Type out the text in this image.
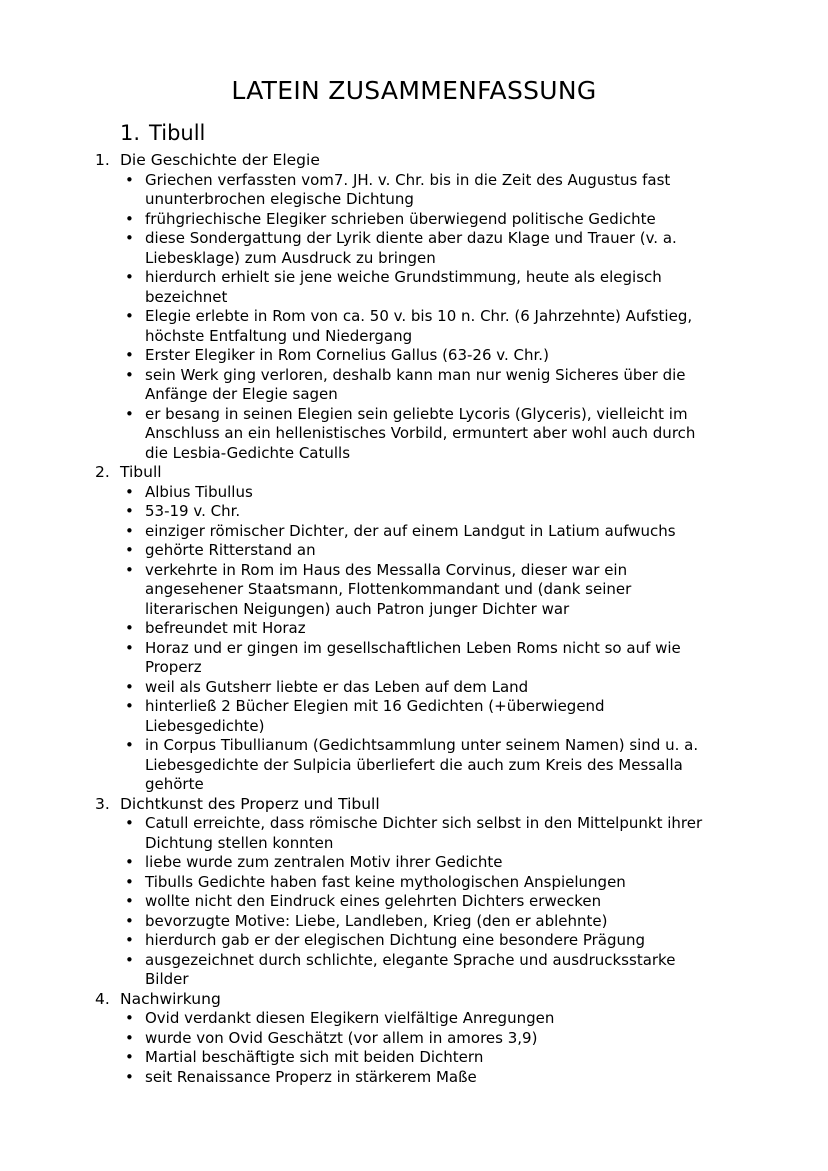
LATEIN ZUSAMMENFASSUNG
1. Tibull
1. Die Geschichte der Elegie
• Griechen verfassten vom7. JH. v. Chr. bis in die Zeit des Augustus fast ununterbrochen elegische Dichtung
• frühgriechische Elegiker schrieben überwiegend politische Gedichte
• diese Sondergattung der Lyrik diente aber dazu Klage und Trauer (v. a. Liebesklage) zum Ausdruck zu bringen
• hierdurch erhielt sie jene weiche Grundstimmung, heute als elegisch bezeichnet
• Elegie erlebte in Rom von ca. 50 v. bis 10 n. Chr. (6 Jahrzehnte) Aufstieg, höchste Entfaltung und Niedergang
• Erster Elegiker in Rom Cornelius Gallus (63-26 v. Chr.)
• sein Werk ging verloren, deshalb kann man nur wenig Sicheres über die Anfänge der Elegie sagen
• er besang in seinen Elegien sein geliebte Lycoris (Glyceris), vielleicht im Anschluss an ein hellenistisches Vorbild, ermuntert aber wohl auch durch die Lesbia-Gedichte Catulls
2. Tibull
• Albius Tibullus
• 53-19 v. Chr.
• einziger römischer Dichter, der auf einem Landgut in Latium aufwuchs
• gehörte Ritterstand an
• verkehrte in Rom im Haus des Messalla Corvinus, dieser war ein angesehener Staatsmann, Flottenkommandant und (dank seiner literarischen Neigungen) auch Patron junger Dichter war
• befreundet mit Horaz
• Horaz und er gingen im gesellschaftlichen Leben Roms nicht so auf wie Properz
• weil als Gutsherr liebte er das Leben auf dem Land
• hinterließ 2 Bücher Elegien mit 16 Gedichten (+überwiegend Liebesgedichte)
• in Corpus Tibullianum (Gedichtsammlung unter seinem Namen) sind u. a. Liebesgedichte der Sulpicia überliefert die auch zum Kreis des Messalla gehörte
3. Dichtkunst des Properz und Tibull
• Catull erreichte, dass römische Dichter sich selbst in den Mittelpunkt ihrer Dichtung stellen konnten
• liebe wurde zum zentralen Motiv ihrer Gedichte
• Tibulls Gedichte haben fast keine mythologischen Anspielungen
• wollte nicht den Eindruck eines gelehrten Dichters erwecken
• bevorzugte Motive: Liebe, Landleben, Krieg (den er ablehnte)
• hierdurch gab er der elegischen Dichtung eine besondere Prägung
• ausgezeichnet durch schlichte, elegante Sprache und ausdrucksstarke Bilder
4. Nachwirkung
• Ovid verdankt diesen Elegikern vielfältige Anregungen
• wurde von Ovid Geschätzt (vor allem in amores 3,9)
• Martial beschäftigte sich mit beiden Dichtern
• seit Renaissance Properz in stärkerem Maße
